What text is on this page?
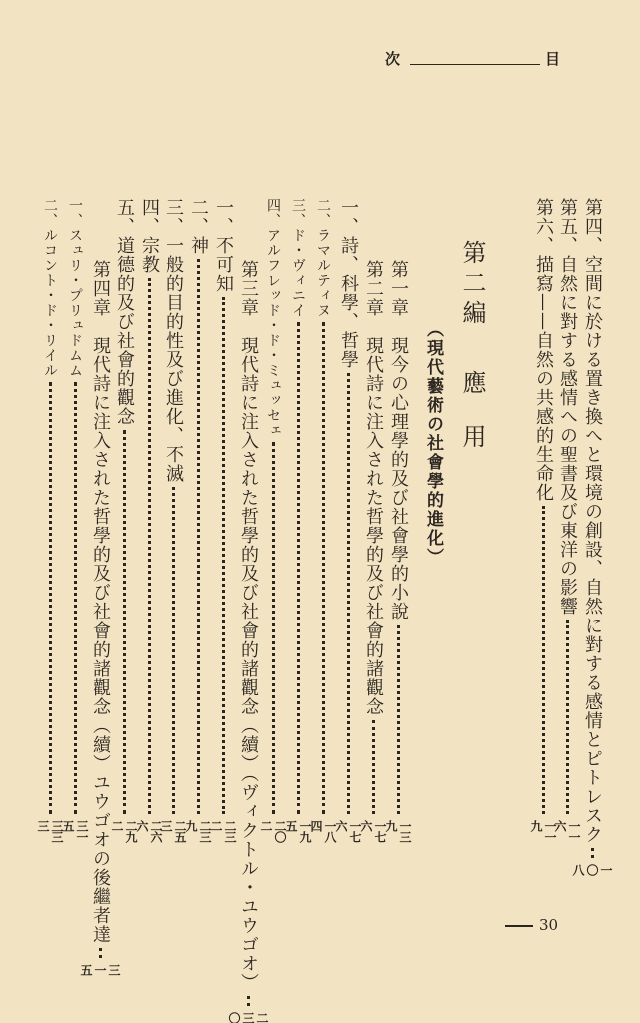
次	目
第四、空間に於ける置き換へと環境の創設、自然に對する感情とピトレスク
一〇八
第五、自然に對する感情への聖書及び東洋の影響
一一六
第六、描寫——自然の共感的生命化
一一九
第一章　現今の心理學的及び社會學的小說
一三九
第二章　現代詩に注入された哲學的及び社會的諸觀念
一七六
一、詩、科學、哲學
一七六
二、ラマルティヌ
一八四
三、ド・ヴィニイ
一九五
四、アルフレッド・ド・ミュッセェ
二〇二
第三章　現代詩に注入された哲學的及び社會的諸觀念（續）（ヴィクトル・ユウゴオ）
二三〇
一、不可知
二三二
二、神
二三九
三、一般的目的性及び進化、不滅
二五三
四、宗教
二六六
五、道德的及び社會的觀念
二九二
第四章　現代詩に注入された哲學的及び社會的諸觀念（續）ユウゴオの後繼者達
三一五
一、スュリ・プリュドムム
三一五
二、ルコント・ド・リイル
三三三
第二編應用
（現代藝術の社會學的進化）
30
